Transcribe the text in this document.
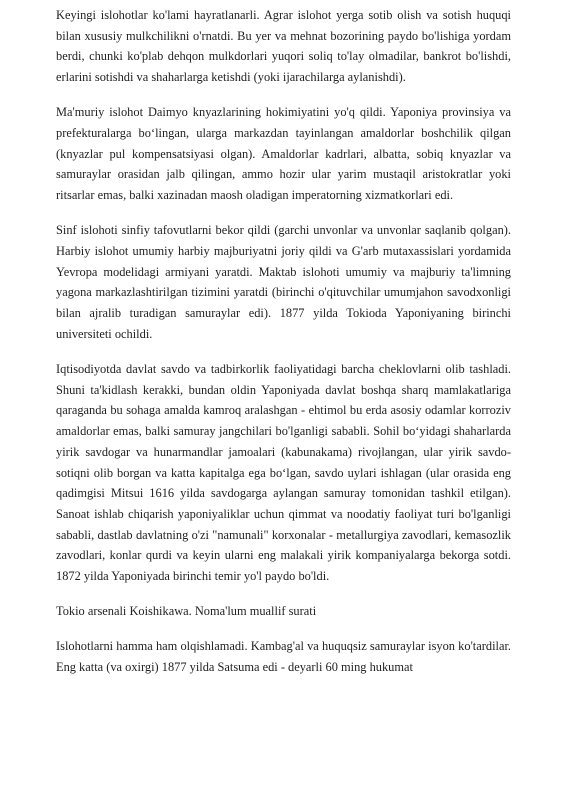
Keyingi islohotlar ko'lami hayratlanarli. Agrar islohot yerga sotib olish va sotish huquqi bilan xususiy mulkchilikni o'rnatdi. Bu yer va mehnat bozorining paydo bo'lishiga yordam berdi, chunki ko'plab dehqon mulkdorlari yuqori soliq to'lay olmadilar, bankrot bo'lishdi, erlarini sotishdi va shaharlarga ketishdi (yoki ijarachilarga aylanishdi).

Ma'muriy islohot Daimyo knyazlarining hokimiyatini yo'q qildi. Yaponiya provinsiya va prefekturalarga bo‘lingan, ularga markazdan tayinlangan amaldorlar boshchilik qilgan (knyazlar pul kompensatsiyasi olgan). Amaldorlar kadrlari, albatta, sobiq knyazlar va samuraylar orasidan jalb qilingan, ammo hozir ular yarim mustaqil aristokratlar yoki ritsarlar emas, balki xazinadan maosh oladigan imperatorning xizmatkorlari edi.

Sinf islohoti sinfiy tafovutlarni bekor qildi (garchi unvonlar va unvonlar saqlanib qolgan). Harbiy islohot umumiy harbiy majburiyatni joriy qildi va G'arb mutaxassislari yordamida Yevropa modelidagi armiyani yaratdi. Maktab islohoti umumiy va majburiy ta'limning yagona markazlashtirilgan tizimini yaratdi (birinchi o'qituvchilar umumjahon savodxonligi bilan ajralib turadigan samuraylar edi). 1877 yilda Tokioda Yaponiyaning birinchi universiteti ochildi.

Iqtisodiyotda davlat savdo va tadbirkorlik faoliyatidagi barcha cheklovlarni olib tashladi. Shuni ta'kidlash kerakki, bundan oldin Yaponiyada davlat boshqa sharq mamlakatlariga qaraganda bu sohaga amalda kamroq aralashgan - ehtimol bu erda asosiy odamlar korroziv amaldorlar emas, balki samuray jangchilari bo'lganligi sababli. Sohil bo‘yidagi shaharlarda yirik savdogar va hunarmandlar jamoalari (kabunakama) rivojlangan, ular yirik savdo-sotiqni olib borgan va katta kapitalga ega bo‘lgan, savdo uylari ishlagan (ular orasida eng qadimgisi Mitsui 1616 yilda savdogarga aylangan samuray tomonidan tashkil etilgan). Sanoat ishlab chiqarish yaponiyaliklar uchun qimmat va noodatiy faoliyat turi bo'lganligi sababli, dastlab davlatning o'zi "namunali" korxonalar - metallurgiya zavodlari, kemasozlik zavodlari, konlar qurdi va keyin ularni eng malakali yirik kompaniyalarga bekorga sotdi. 1872 yilda Yaponiyada birinchi temir yo'l paydo bo'ldi.

Tokio arsenali Koishikawa. Noma'lum muallif surati

Islohotlarni hamma ham olqishlamadi. Kambag'al va huquqsiz samuraylar isyon ko'tardilar. Eng katta (va oxirgi) 1877 yilda Satsuma edi - deyarli 60 ming hukumat
